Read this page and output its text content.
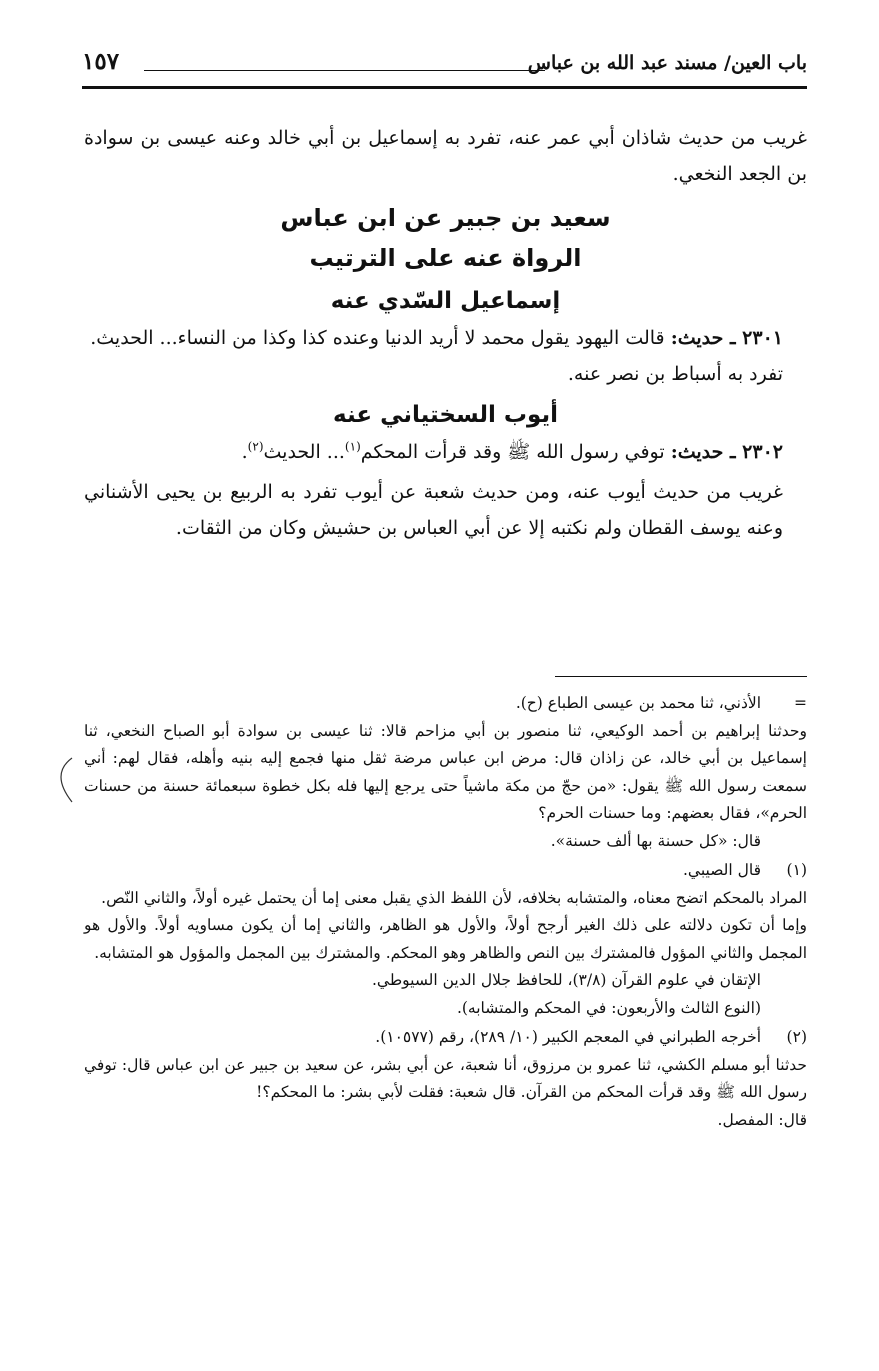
باب العين/ مسند عبد الله بن عباس
١٥٧

غريب من حديث شاذان أبي عمر عنه، تفرد به إسماعيل بن أبي خالد وعنه عيسى بن سوادة بن الجعد النخعي.

سعيد بن جبير عن ابن عباس

الرواة عنه على الترتيب

إسماعيل السّدي عنه

٢٣٠١ ـ حديث: قالت اليهود يقول محمد لا أريد الدنيا وعنده كذا وكذا من النساء... الحديث.

تفرد به أسباط بن نصر عنه.

أيوب السختياني عنه

٢٣٠٢ ـ حديث: توفي رسول الله ﷺ وقد قرأت المحكم$^{(١)}$... الحديث$^{(٢)}$.

غريب من حديث أيوب عنه، ومن حديث شعبة عن أيوب تفرد به الربيع بن يحيى الأشناني وعنه يوسف القطان ولم نكتبه إلا عن أبي العباس بن حشيش وكان من الثقات.

=الأذني، ثنا محمد بن عيسى الطباع (ح).

وحدثنا إبراهيم بن أحمد الوكيعي، ثنا منصور بن أبي مزاحم قالا: ثنا عيسى بن سوادة أبو الصباح النخعي، ثنا إسماعيل بن أبي خالد، عن زاذان قال: مرض ابن عباس مرضة ثقل منها فجمع إليه بنيه وأهله، فقال لهم: أني سمعت رسول الله ﷺ يقول: «من حجّ من مكة ماشياً حتى يرجع إليها فله بكل خطوة سبعمائة حسنة من حسنات الحرم»، فقال بعضهم: وما حسنات الحرم؟

قال: «كل حسنة بها ألف حسنة».

(١)قال الصيبي.

المراد بالمحكم اتضح معناه، والمتشابه بخلافه، لأن اللفظ الذي يقبل معنى إما أن يحتمل غيره أولاً، والثاني النّص.

وإما أن تكون دلالته على ذلك الغير أرجح أولاً، والأول هو الظاهر، والثاني إما أن يكون مساويه أولاً. والأول هو المجمل والثاني المؤول فالمشترك بين النص والظاهر وهو المحكم. والمشترك بين المجمل والمؤول هو المتشابه.

الإتقان في علوم القرآن (٣/٨)، للحافظ جلال الدين السيوطي.

(النوع الثالث والأربعون: في المحكم والمتشابه).

(٢)أخرجه الطبراني في المعجم الكبير (١٠/ ٢٨٩)، رقم (١٠٥٧٧).

حدثنا أبو مسلم الكشي، ثنا عمرو بن مرزوق، أنا شعبة، عن أبي بشر، عن سعيد بن جبير عن ابن عباس قال: توفي رسول الله ﷺ وقد قرأت المحكم من القرآن. قال شعبة: فقلت لأبي بشر: ما المحكم؟!

قال: المفصل.
